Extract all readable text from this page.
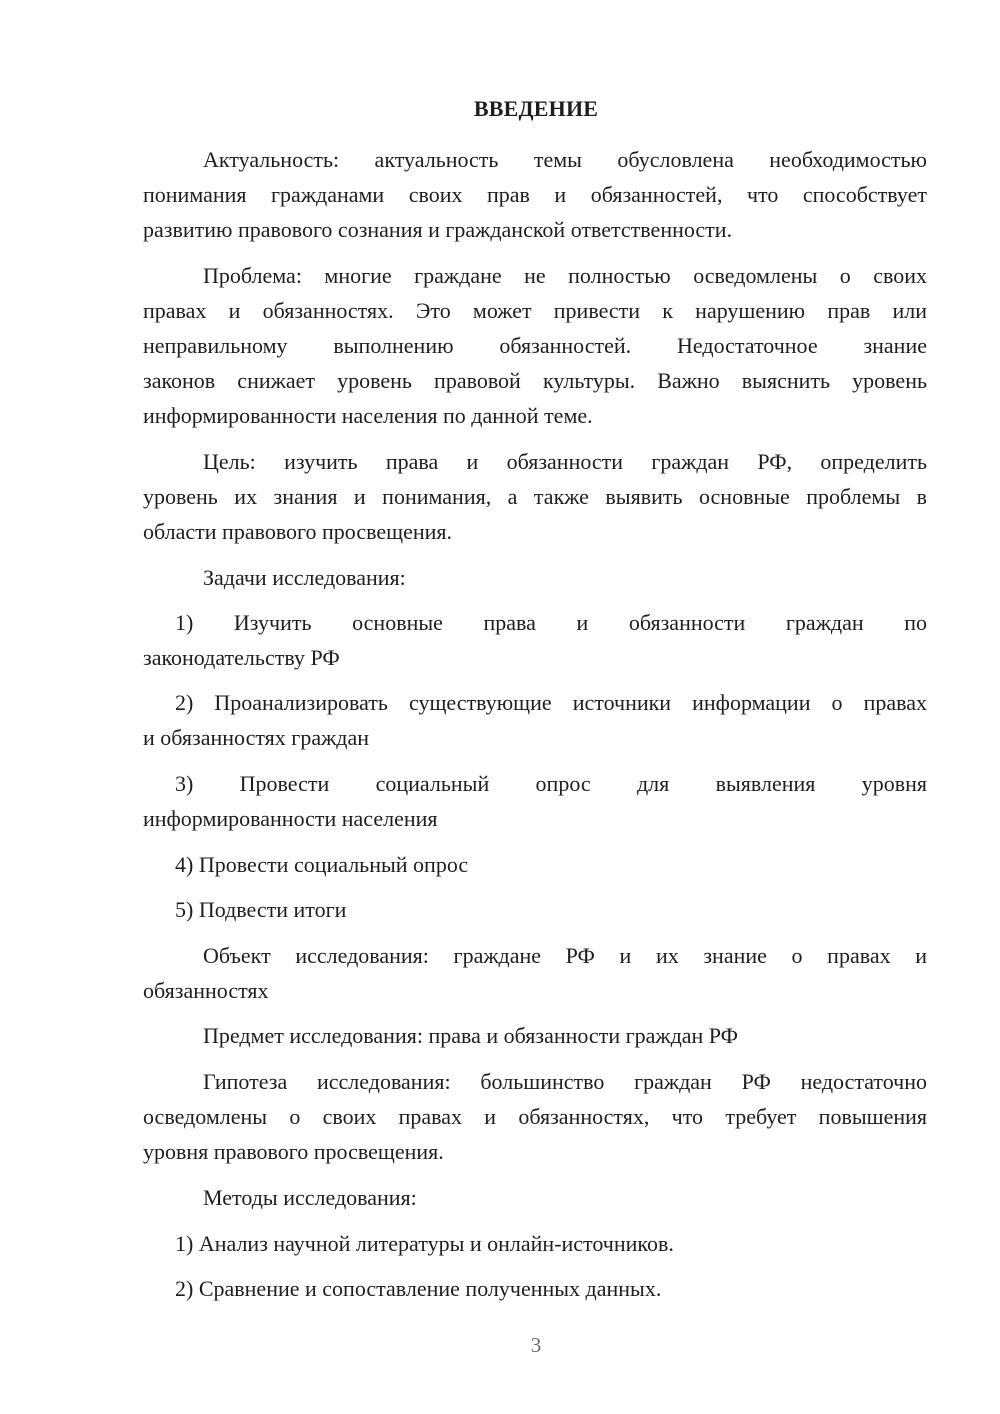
ВВЕДЕНИЕ
Актуальность: актуальность темы обусловлена необходимостью
понимания гражданами своих прав и обязанностей, что способствует
развитию правового сознания и гражданской ответственности.
Проблема: многие граждане не полностью осведомлены о своих
правах и обязанностях. Это может привести к нарушению прав или
неправильному выполнению обязанностей. Недостаточное знание
законов снижает уровень правовой культуры. Важно выяснить уровень
информированности населения по данной теме.
Цель: изучить права и обязанности граждан РФ, определить
уровень их знания и понимания, а также выявить основные проблемы в
области правового просвещения.
Задачи исследования:
1) Изучить основные права и обязанности граждан по
законодательству РФ
2) Проанализировать существующие источники информации о правах
и обязанностях граждан
3) Провести социальный опрос для выявления уровня
информированности населения
4) Провести социальный опрос
5) Подвести итоги
Объект исследования: граждане РФ и их знание о правах и
обязанностях
Предмет исследования: права и обязанности граждан РФ
Гипотеза исследования: большинство граждан РФ недостаточно
осведомлены о своих правах и обязанностях, что требует повышения
уровня правового просвещения.
Методы исследования:
1) Анализ научной литературы и онлайн-источников.
2) Сравнение и сопоставление полученных данных.
3
